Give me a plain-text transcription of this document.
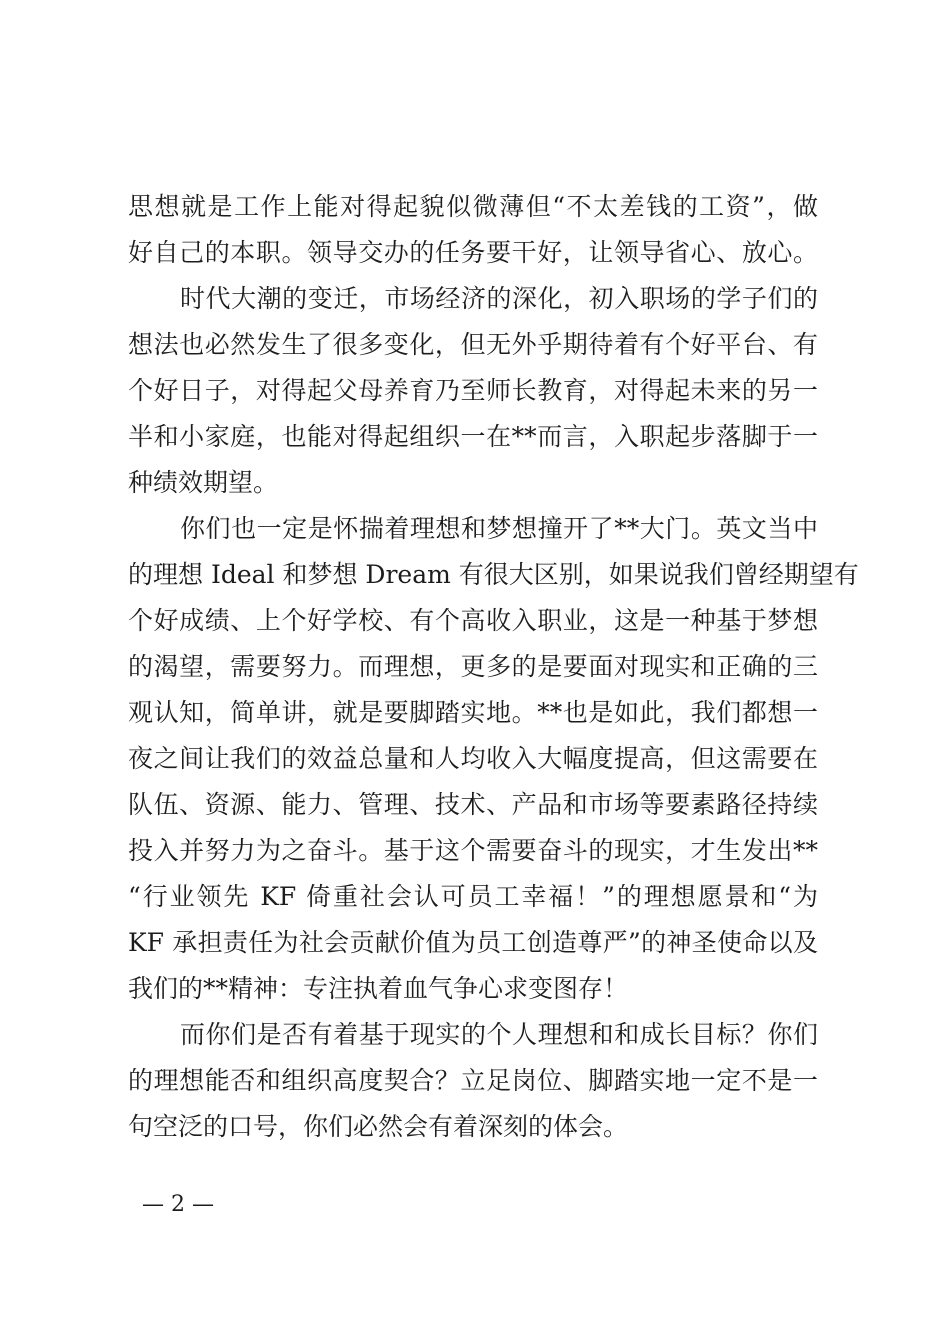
思想就是工作上能对得起貌似微薄但“不太差钱的工资”，做
好自己的本职。领导交办的任务要干好，让领导省心、放心。
时代大潮的变迁，市场经济的深化，初入职场的学子们的
想法也必然发生了很多变化，但无外乎期待着有个好平台、有
个好日子，对得起父母养育乃至师长教育，对得起未来的另一
半和小家庭，也能对得起组织一在**而言，入职起步落脚于一
种绩效期望。
你们也一定是怀揣着理想和梦想撞开了**大门。英文当中
的理想 Ideal 和梦想 Dream 有很大区别，如果说我们曾经期望有
个好成绩、上个好学校、有个高收入职业，这是一种基于梦想
的渴望，需要努力。而理想，更多的是要面对现实和正确的三
观认知，简单讲，就是要脚踏实地。**也是如此，我们都想一
夜之间让我们的效益总量和人均收入大幅度提高，但这需要在
队伍、资源、能力、管理、技术、产品和市场等要素路径持续
投入并努力为之奋斗。基于这个需要奋斗的现实，才生发出**
“行业领先 KF 倚重社会认可员工幸福！”的理想愿景和“为
KF 承担责任为社会贡献价值为员工创造尊严”的神圣使命以及
我们的**精神：专注执着血气争心求变图存！
而你们是否有着基于现实的个人理想和和成长目标？你们
的理想能否和组织高度契合？立足岗位、脚踏实地一定不是一
句空泛的口号，你们必然会有着深刻的体会。
— 2 —
